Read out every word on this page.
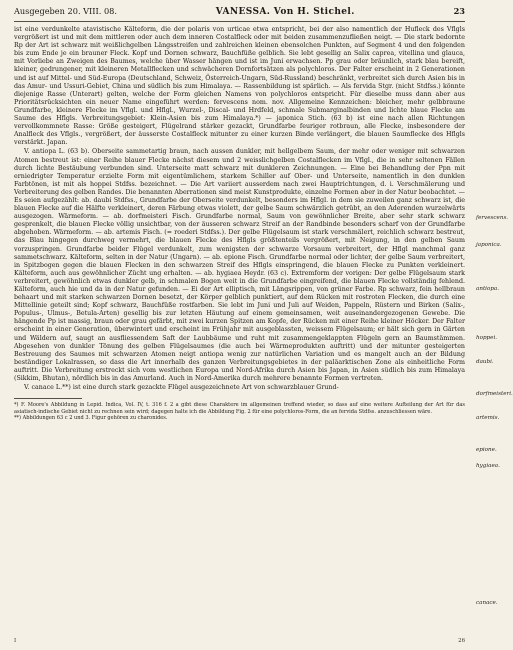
Ausgegeben 20. VIII. 08.	VANESSA. Von H. Stichel.	23

ist eine verdunkelte atavistische Kälteform, die der polaris von urticae etwa entspricht, bei der also namentlich der Hufleck des Vflgls vergrößert ist und mit dem mittleren oder auch dem inneren Costalfleck oder mit beiden zusammenzufließen neigt. — Die stark bedornte Rp der Art ist schwarz mit weißlichgelben Längsstreifen und zahlreichen kleinen ebensolchen Punkten, auf Segment 4 und den folgenden bis zum Ende je ein brauner Fleck. Kopf und Dornen schwarz, Bauchfüße gelblich. Sie lebt gesellig an Salix caprea, vitellina und glauca, mit Vorliebe an Zweigen des Baumes, welche über Wasser hängen und ist im Juni erwachsen. Pp grau oder bräunlich, stark blau bereift, kleiner, gedrungener, mit kleineren Metallflecken und schwächeren Dornfortsätzen als polychloros. Der Falter erscheint in 2 Generationen und ist auf Mittel- und Süd-Europa (Deutschland, Schweiz, Österreich-Ungarn, Süd-Russland) beschränkt, verbreitet sich durch Asien bis in das Amur- und Ussuri-Gebiet, China und südlich bis zum Himalaya. — Rassenbildung ist spärlich. — Als fervida Stgr. (nicht Stdfss.) könnte diejenige Rasse (Unterart) gelten, welche der Form gleichen Namens von polychloros entspricht. Für dieselbe muss dann aber aus Prioritätsrücksichten ein neuer Name eingeführt werden: fervescens nom. nov. Allgemeine Kennzeichen: bleicher, mehr gelbbraune Grundfarbe, kleinere Flecke im Vflgl. und Hflgl., Wurzel-, Discal- und Hrdfeld, schmale Submarginalbinden und lichte blaue Flecke am Saume des Hflgls. Verbreitungsgebiet: Klein-Asien bis zum Himalaya.*) — japonica Stich. (63 b) ist eine nach allen Richtungen vervollkommnete Rasse: Größe gesteigert, Flügelrand stärker gezackt, Grundfarbe feuriger rotbraun, alle Flecke, insbesondere der Analfleck des Vflgls., vergrößert, der äusserste Costalfleck mitunter zu einer kurzen Binde verlängert, die blauen Saumflecke des Hflgls verstärkt. Japan.

V. antiopa L. (63 b). Oberseite sammetartig braun, nach aussen dunkler, mit hellgelbem Saum, der mehr oder weniger mit schwarzen Atomen bestreut ist: einer Reihe blauer Flecke nächst diesem und 2 weisslichgelben Costalflecken im Vflgl., die in sehr seltenen Fällen durch lichte Bestäubung verbunden sind. Unterseite matt schwarz mit dunkleren Zeichnungen. — Eine bei Behandlung der Ppn mit erniedrigter Temperatur erzielte Form mit eigentümlichem, starkem Schiller auf Ober- und Unterseite, namentlich in den dunklen Farbtönen, ist mit als hoppei Stdfss. bezeichnet. — Die Art variiert ausserdem nach zwei Hauptrichtungen, d. i. Verschmälerung und Verbreiterung des gelben Randes. Die benannten Aberrationen sind meist Kunstprodukte, einzelne Formen aber in der Natur beobachtet. — Es seien aufgezählt: ab. daubi Stdfss., Grundfarbe der Oberseite verdunkelt, besonders im Hflgl. in dem sie zuweilen ganz schwarz ist, die blauen Flecke auf die Hälfte verkleinert, deren Färbung etwas violett, der gelbe Saum schwärzlich getrübt, an den Aderenden wurzelwärts ausgezogen. Wärmeform. — ab. dorfmeisteri Fisch. Grundfarbe normal, Saum von gewöhnlicher Breite, aber sehr stark schwarz gesprenkelt, die blauen Flecke völlig unsichtbar, von der äusseren schwarz Streif an der Randbinde besonders scharf von der Grundfarbe abgehoben. Wärmeform. — ab. artemis Fisch. (= roederi Stdfss.). Der gelbe Flügelsaum ist stark verschmälert, reichlich schwarz bestreut, das Blau hingegen durchweg vermehrt, die blauen Flecke des Hflgls größtenteils vergrößert, mit Neigung, in den gelben Saum vorzuspringen. Grundfarbe beider Flügel verdunkelt, zum wenigsten der schwarze Vorsaum verbreitert, der Hflgl manchmal ganz sammetschwarz. Kälteform, selten in der Natur (Ungarn). — ab. epione Fisch. Grundfarbe normal oder lichter, der gelbe Saum verbreitert, in Spitzbogen gegen die blauen Flecken in den schwarzen Streif des Hflgls einspringend, die blauen Flecke zu Punkten verkleinert. Kälteform, auch aus gewöhnlicher Zücht ung erhalten. — ab. hygiaea Heydr. (63 c). Extremform der vorigen: Der gelbe Flügelsaum stark verbreitert, gewöhnlich etwas dunkler gelb, in schmalen Bogen weit in die Grundfarbe eingreifend, die blauen Flecke vollständig fehlend. Kälteform, auch hie und da in der Natur gefunden. — Ei der Art elliptisch, mit Längsrippen, von grüner Farbe. Rp schwarz, fein hellbraun behaart und mit starken schwarzen Dornen besetzt, der Körper gelblich punktiert, auf dem Rücken mit rostroten Flecken, die durch eine Mittellinie geteilt sind; Kopf schwarz, Bauchfüße rostfarben. Sie lebt im Juni und Juli auf Weiden, Pappeln, Rüstern und Birken (Salix-, Populus-, Ulmus-, Betula-Arten) gesellig bis zur letzten Häutung auf einem gemeinsamen, weit auseinandergezogenen Gewebe. Die hängende Pp ist massig, braun oder grau gefärbt, mit zwei kurzen Spitzen am Kopfe, der Rücken mit einer Reihe kleiner Höcker. Der Falter erscheint in einer Generation, überwintert und erscheint im Frühjahr mit ausgeblassten, weissem Flügelsaum; er hält sich gern in Gärten und Wäldern auf, saugt an ausfliessendem Saft der Laubbäume und ruht mit zusammengeklappten Flügeln gern an Baumstämmen. Abgesehen von dunkler Tönung des gelben Flügelsaumes (die auch bei Wärmeprodukten auftritt) und der mitunter gesteigerten Bestreuung des Saumes mit schwarzen Atomen neigt antiopa wenig zur natürlichen Variation und es mangelt auch an der Bildung beständiger Lokalrassen, so dass die Art innerhalb des ganzen Verbreitungsgebietes in der paläarktischen Zone als einheitliche Form auftritt. Die Verbreitung erstreckt sich vom westlichen Europa und Nord-Afrika durch Asien bis Japan, in Asien südlich bis zum Himalaya (Sikkim, Bhutan), nördlich bis in das Amurland. Auch in Nord-Amerika durch mehrere benannte Formen vertreten.

V. canace L.**) ist eine durch stark gezackte Flügel ausgezeichnete Art von schwarzblauer Grund-

fervescens.
japonica.
antiopa.
hoppei.
daubi.
dorfmeisteri.
artemis.
epione.
hygiaea.
canace.

*) F. Moore's Abbildung in Lepid. Indica, Vol. IV, t. 316 f. 2 a gibt diese Charaktere im allgemeinen treffend wieder, so dass auf eine weitere Aufteilung der Art für das asiatisch-indische Gebiet nicht zu rechnen sein wird; dagegen halte ich die Abbildung Fig. 2 für eine polychloros-Form, die an fervida Stdfss. anzuschliessen wäre.

**) Abbildungen 63 c 2 und 3. Figur gehören zu charonides.

I	26
